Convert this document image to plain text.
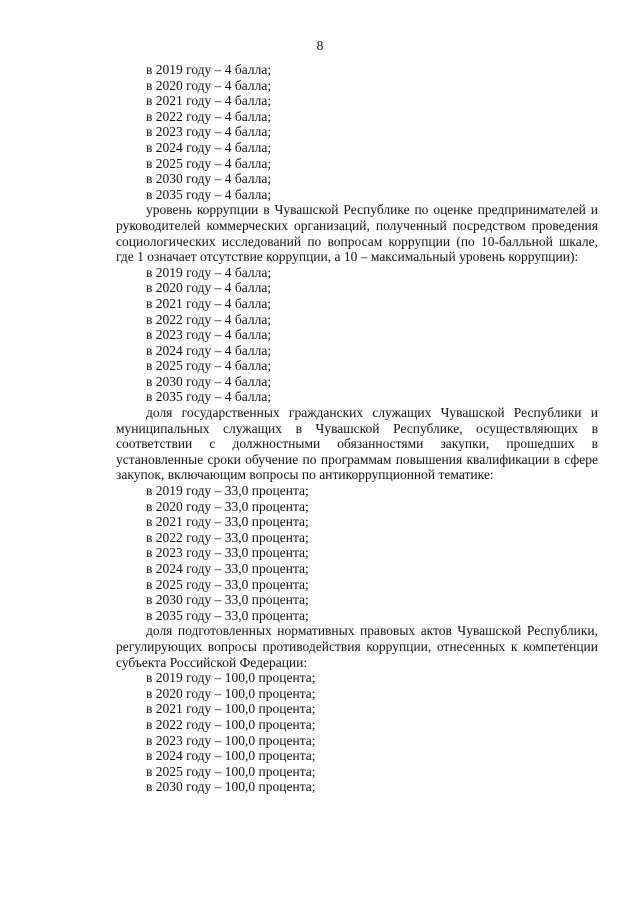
8
в 2019 году – 4 балла;
в 2020 году – 4 балла;
в 2021 году – 4 балла;
в 2022 году – 4 балла;
в 2023 году – 4 балла;
в 2024 году – 4 балла;
в 2025 году – 4 балла;
в 2030 году – 4 балла;
в 2035 году – 4 балла;
уровень коррупции в Чувашской Республике по оценке предпринимателей и руководителей коммерческих организаций, полученный посредством проведения социологических исследований по вопросам коррупции (по 10-балльной шкале, где 1 означает отсутствие коррупции, а 10 – максимальный уровень коррупции):
в 2019 году – 4 балла;
в 2020 году – 4 балла;
в 2021 году – 4 балла;
в 2022 году – 4 балла;
в 2023 году – 4 балла;
в 2024 году – 4 балла;
в 2025 году – 4 балла;
в 2030 году – 4 балла;
в 2035 году – 4 балла;
доля государственных гражданских служащих Чувашской Республики и муниципальных служащих в Чувашской Республике, осуществляющих в соответствии с должностными обязанностями закупки, прошедших в установленные сроки обучение по программам повышения квалификации в сфере закупок, включающим вопросы по антикоррупционной тематике:
в 2019 году – 33,0 процента;
в 2020 году – 33,0 процента;
в 2021 году – 33,0 процента;
в 2022 году – 33,0 процента;
в 2023 году – 33,0 процента;
в 2024 году – 33,0 процента;
в 2025 году – 33,0 процента;
в 2030 году – 33,0 процента;
в 2035 году – 33,0 процента;
доля подготовленных нормативных правовых актов Чувашской Республики, регулирующих вопросы противодействия коррупции, отнесенных к компетенции субъекта Российской Федерации:
в 2019 году – 100,0 процента;
в 2020 году – 100,0 процента;
в 2021 году – 100,0 процента;
в 2022 году – 100,0 процента;
в 2023 году – 100,0 процента;
в 2024 году – 100,0 процента;
в 2025 году – 100,0 процента;
в 2030 году – 100,0 процента;
